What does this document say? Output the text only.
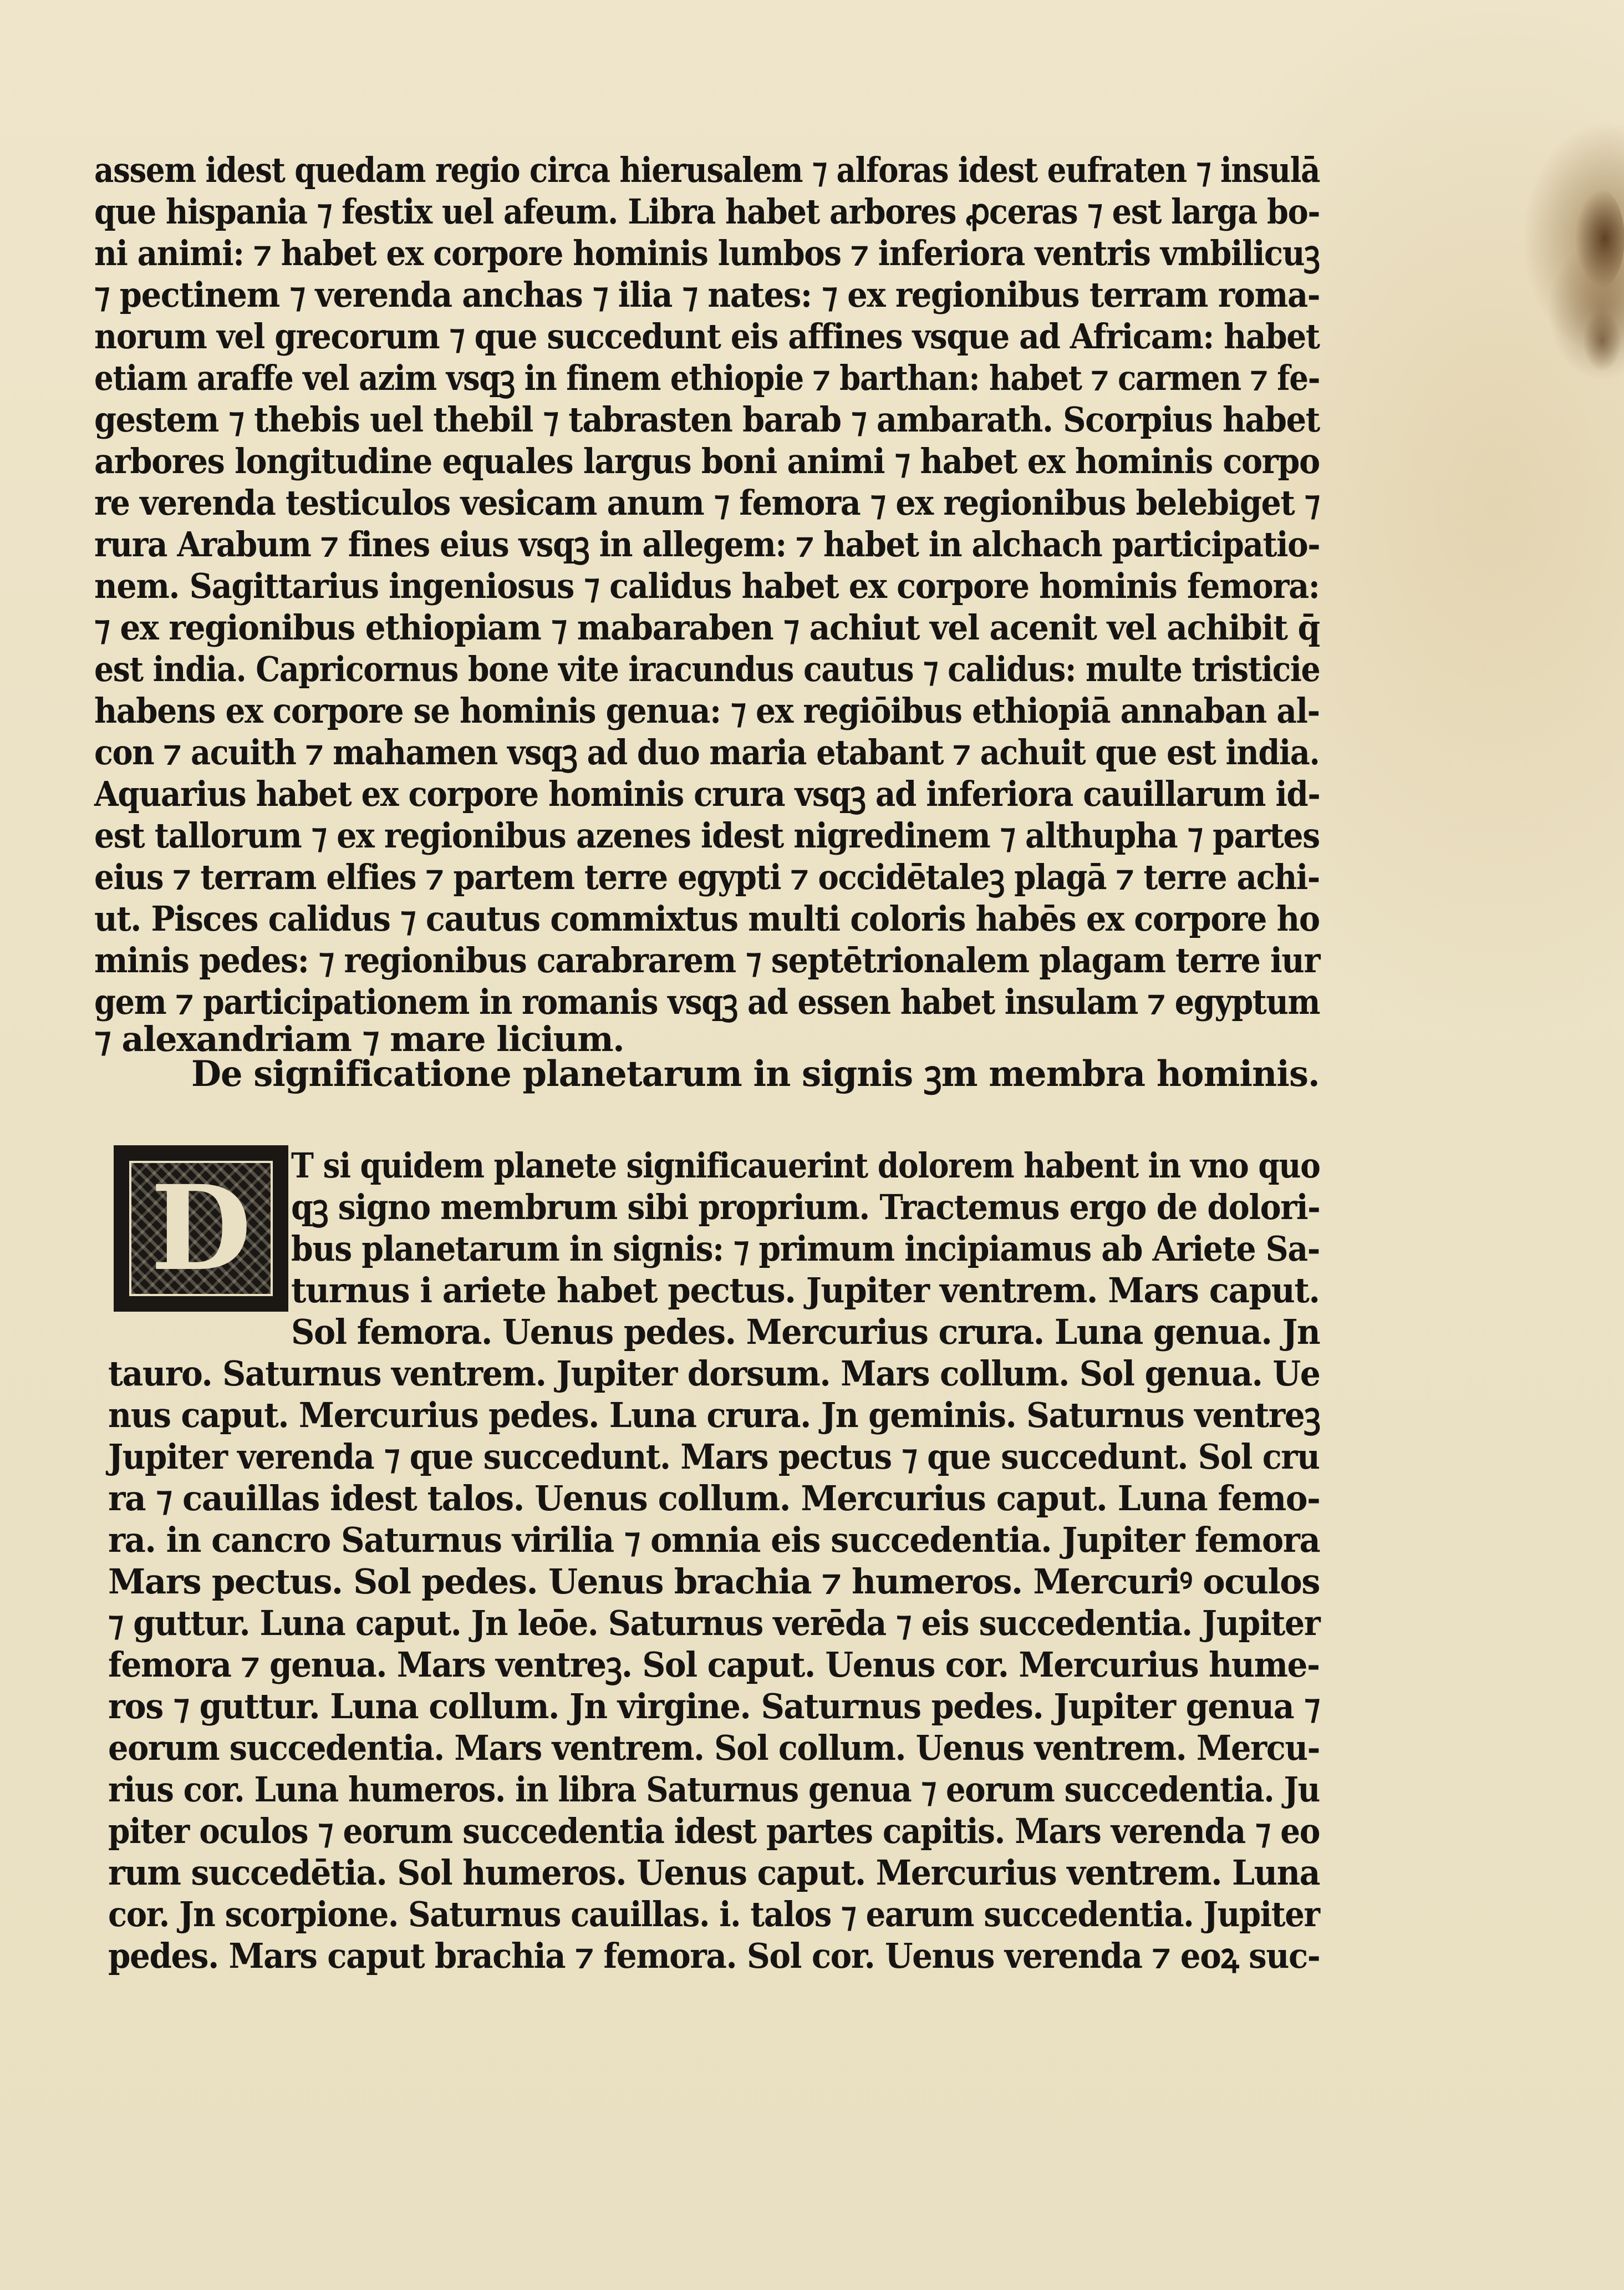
assem idest quedam regio circa hierusalem ⁊ alforas idest eufraten ⁊ insulā
que hispania ⁊ festix uel afeum. Libra habet arbores ꝓceras ⁊ est larga bo-
ni animi: ⁊ habet ex corpore hominis lumbos ⁊ inferiora ventris vmbilicuꝫ
⁊ pectinem ⁊ verenda anchas ⁊ ilia ⁊ nates: ⁊ ex regionibus terram roma-
norum vel grecorum ⁊ que succedunt eis affines vsque ad Africam: habet
etiam araffe vel azim vsqꝫ in finem ethiopie ⁊ barthan: habet ⁊ carmen ⁊ fe-
gestem ⁊ thebis uel thebil ⁊ tabrasten barab ⁊ ambarath. Scorpius habet
arbores longitudine equales largus boni animi ⁊ habet ex hominis corpo
re verenda testiculos vesicam anum ⁊ femora ⁊ ex regionibus belebiget ⁊
rura Arabum ⁊ fines eius vsqꝫ in allegem: ⁊ habet in alchach participatio-
nem. Sagittarius ingeniosus ⁊ calidus habet ex corpore hominis femora:
⁊ ex regionibus ethiopiam ⁊ mabaraben ⁊ achiut vel acenit vel achibit q̄
est india. Capricornus bone vite iracundus cautus ⁊ calidus: multe tristicie
habens ex corpore se hominis genua: ⁊ ex regiōibus ethiopiā annaban al-
con ⁊ acuith ⁊ mahamen vsqꝫ ad duo maria etabant ⁊ achuit que est india.
Aquarius habet ex corpore hominis crura vsqꝫ ad inferiora cauillarum id-
est tallorum ⁊ ex regionibus azenes idest nigredinem ⁊ althupha ⁊ partes
eius ⁊ terram elfies ⁊ partem terre egypti ⁊ occidētaleꝫ plagā ⁊ terre achi-
ut. Pisces calidus ⁊ cautus commixtus multi coloris habēs ex corpore ho
minis pedes: ⁊ regionibus carabrarem ⁊ septētrionalem plagam terre iur
gem ⁊ participationem in romanis vsqꝫ ad essen habet insulam ⁊ egyptum
⁊ alexandriam ⁊ mare licium.
De significatione planetarum in signis ꝫm membra hominis.
D T si quidem planete significauerint dolorem habent in vno quo
qꝫ signo membrum sibi proprium. Tractemus ergo de dolori-
bus planetarum in signis: ⁊ primum incipiamus ab Ariete Sa-
turnus i ariete habet pectus. Jupiter ventrem. Mars caput.
Sol femora. Uenus pedes. Mercurius crura. Luna genua. Jn
tauro. Saturnus ventrem. Jupiter dorsum. Mars collum. Sol genua. Ue
nus caput. Mercurius pedes. Luna crura. Jn geminis. Saturnus ventreꝫ
Jupiter verenda ⁊ que succedunt. Mars pectus ⁊ que succedunt. Sol cru
ra ⁊ cauillas idest talos. Uenus collum. Mercurius caput. Luna femo-
ra. in cancro Saturnus virilia ⁊ omnia eis succedentia. Jupiter femora
Mars pectus. Sol pedes. Uenus brachia ⁊ humeros. Mercuriꝰ oculos
⁊ guttur. Luna caput. Jn leōe. Saturnus verēda ⁊ eis succedentia. Jupiter
femora ⁊ genua. Mars ventreꝫ. Sol caput. Uenus cor. Mercurius hume-
ros ⁊ guttur. Luna collum. Jn virgine. Saturnus pedes. Jupiter genua ⁊
eorum succedentia. Mars ventrem. Sol collum. Uenus ventrem. Mercu-
rius cor. Luna humeros. in libra Saturnus genua ⁊ eorum succedentia. Ju
piter oculos ⁊ eorum succedentia idest partes capitis. Mars verenda ⁊ eo
rum succedētia. Sol humeros. Uenus caput. Mercurius ventrem. Luna
cor. Jn scorpione. Saturnus cauillas. i. talos ⁊ earum succedentia. Jupiter
pedes. Mars caput brachia ⁊ femora. Sol cor. Uenus verenda ⁊ eoꝝ suc-
